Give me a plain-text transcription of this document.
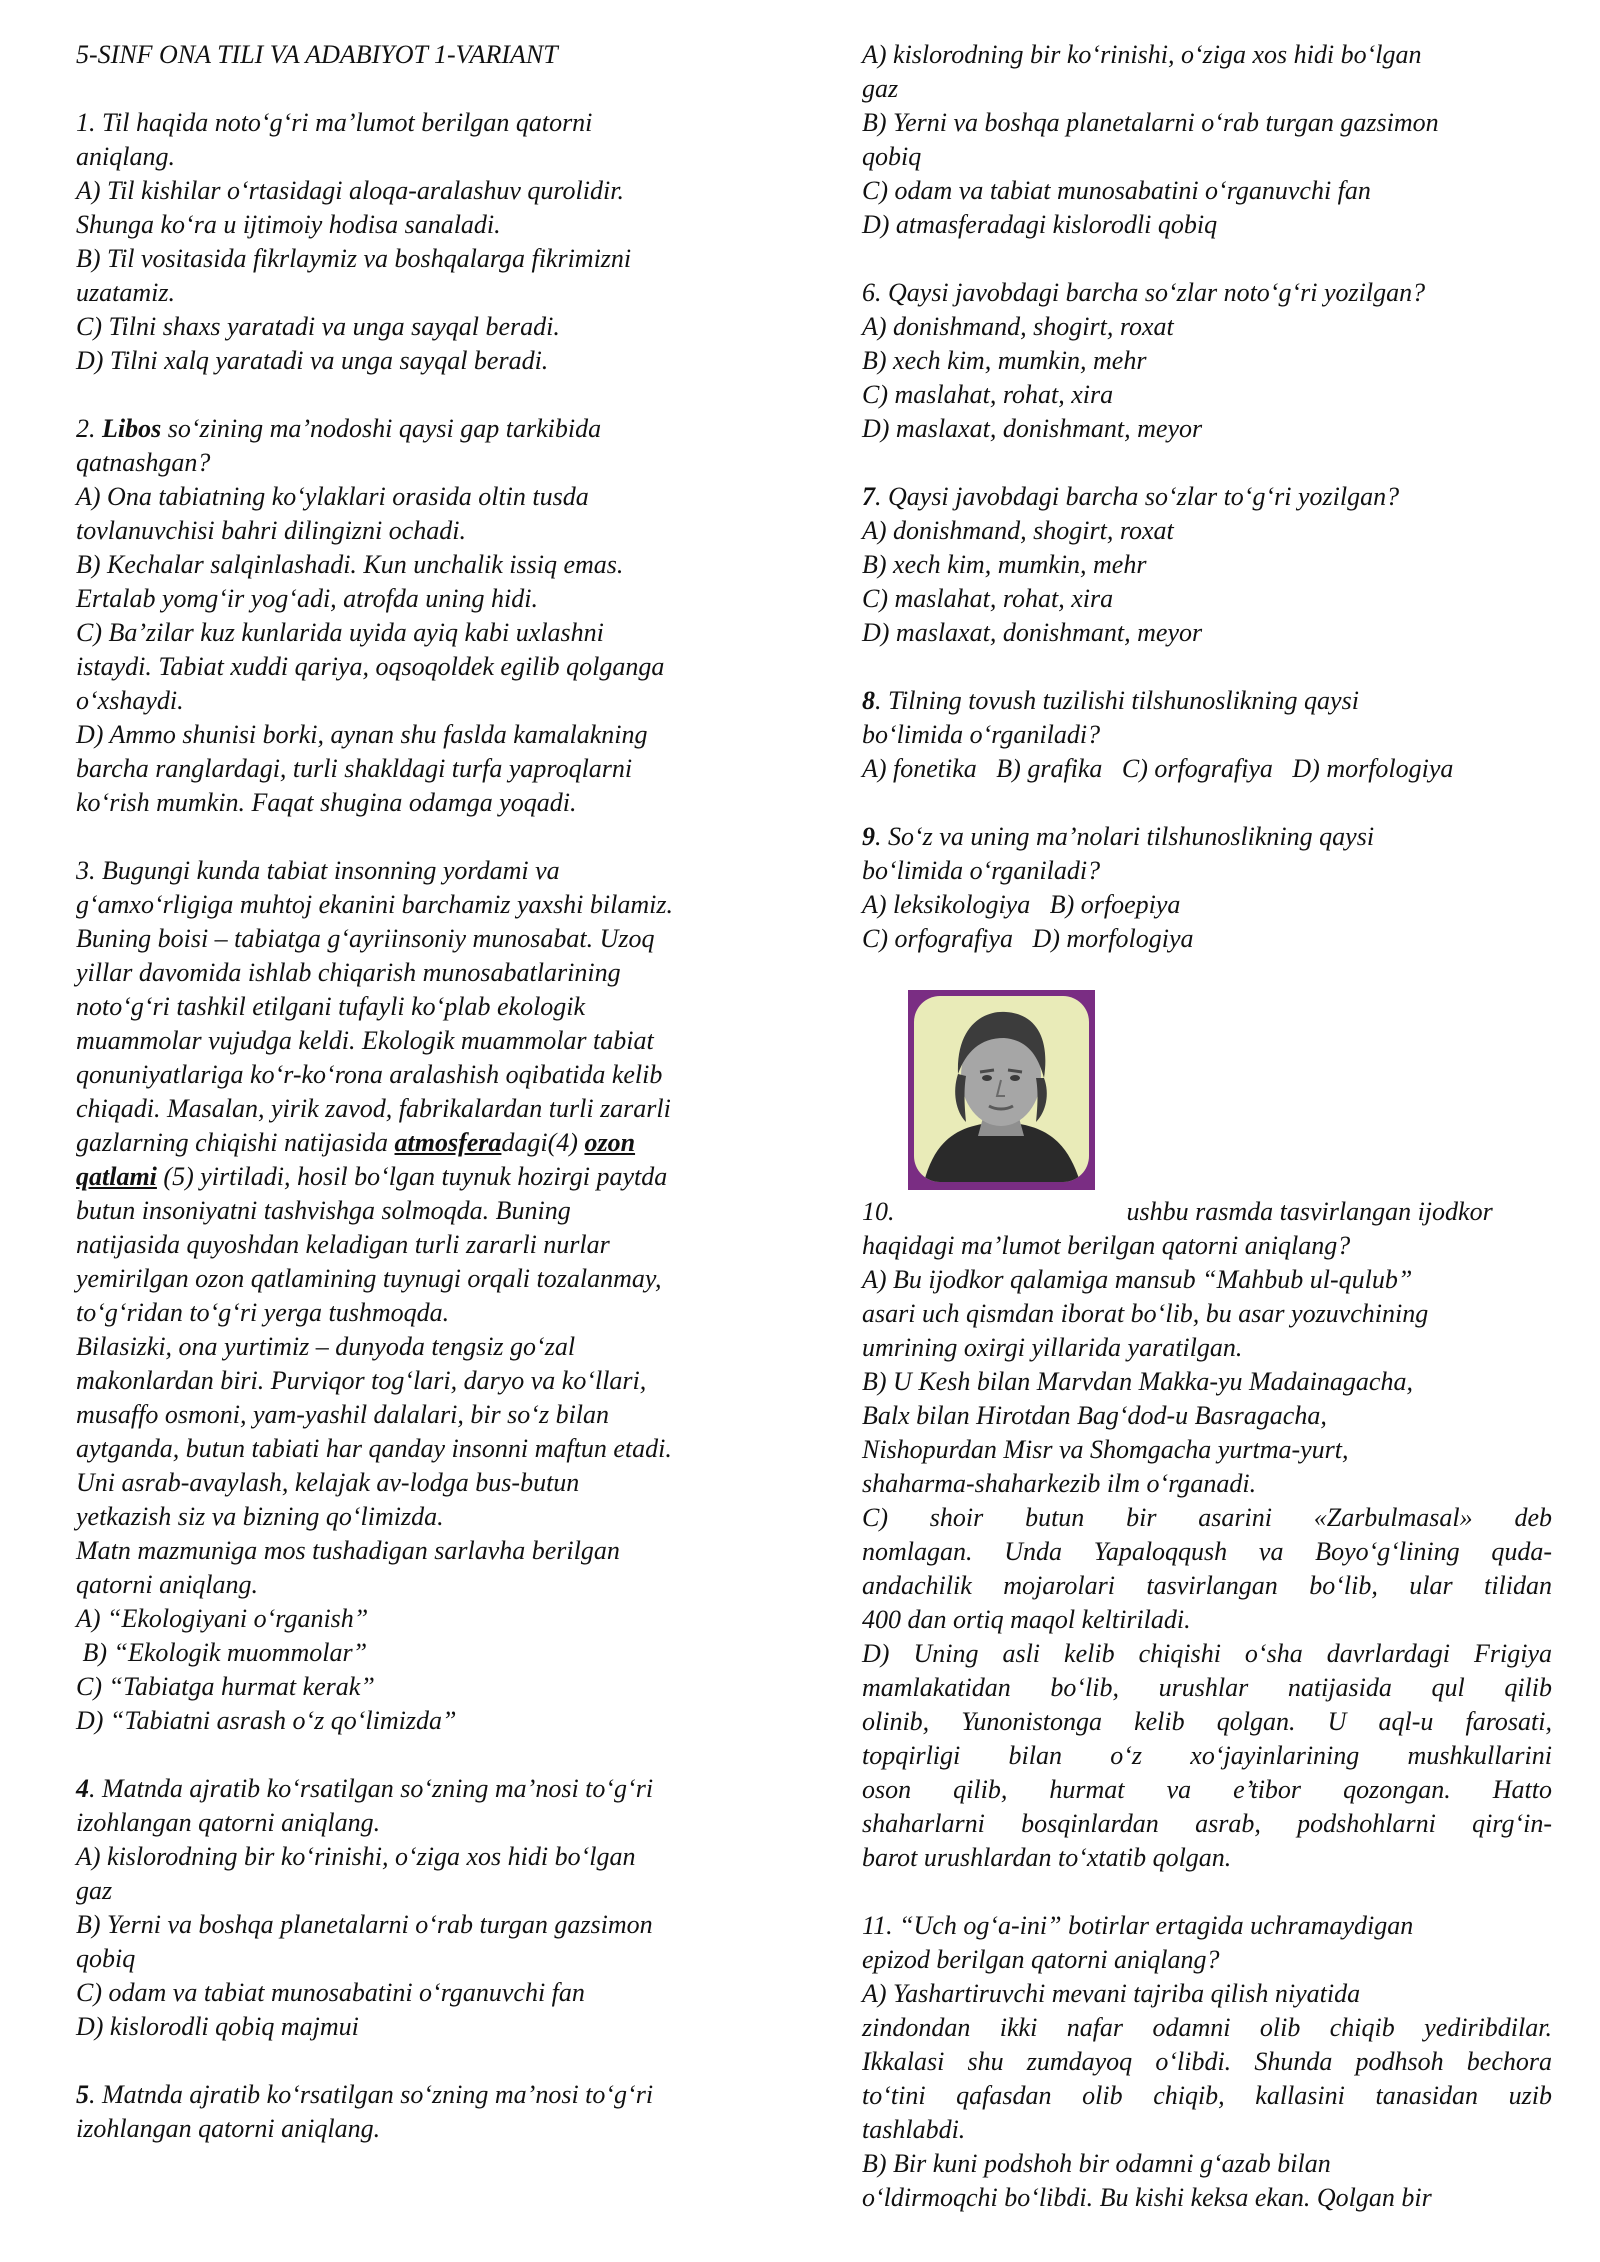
5-SINF ONA TILI VA ADABIYOT 1-VARIANT
1. Til haqida noto‘g‘ri ma’lumot berilgan qatorni
aniqlang.
A) Til kishilar o‘rtasidagi aloqa-aralashuv qurolidir.
Shunga ko‘ra u ijtimoiy hodisa sanaladi.
B) Til vositasida fikrlaymiz va boshqalarga fikrimizni
uzatamiz.
C) Tilni shaxs yaratadi va unga sayqal beradi.
D) Tilni xalq yaratadi va unga sayqal beradi.
2. Libos so‘zining ma’nodoshi qaysi gap tarkibida
qatnashgan?
A) Ona tabiatning ko‘ylaklari orasida oltin tusda
tovlanuvchisi bahri dilingizni ochadi.
B) Kechalar salqinlashadi. Kun unchalik issiq emas.
Ertalab yomg‘ir yog‘adi, atrofda uning hidi.
C) Ba’zilar kuz kunlarida uyida ayiq kabi uxlashni
istaydi. Tabiat xuddi qariya, oqsoqoldek egilib qolganga
o‘xshaydi.
D) Ammo shunisi borki, aynan shu faslda kamalakning
barcha ranglardagi, turli shakldagi turfa yaproqlarni
ko‘rish mumkin. Faqat shugina odamga yoqadi.
3. Bugungi kunda tabiat insonning yordami va
g‘amxo‘rligiga muhtoj ekanini barchamiz yaxshi bilamiz.
Buning boisi – tabiatga g‘ayriinsoniy munosabat. Uzoq
yillar davomida ishlab chiqarish munosabatlarining
noto‘g‘ri tashkil etilgani tufayli ko‘plab ekologik
muammolar vujudga keldi. Ekologik muammolar tabiat
qonuniyatlariga ko‘r-ko‘rona aralashish oqibatida kelib
chiqadi. Masalan, yirik zavod, fabrikalardan turli zararli
gazlarning chiqishi natijasida atmosferadagi(4) ozon
qatlami (5) yirtiladi, hosil bo‘lgan tuynuk hozirgi paytda
butun insoniyatni tashvishga solmoqda. Buning
natijasida quyoshdan keladigan turli zararli nurlar
yemirilgan ozon qatlamining tuynugi orqali tozalanmay,
to‘g‘ridan to‘g‘ri yerga tushmoqda.
Bilasizki, ona yurtimiz – dunyoda tengsiz go‘zal
makonlardan biri. Purviqor tog‘lari, daryo va ko‘llari,
musaffo osmoni, yam-yashil dalalari, bir so‘z bilan
aytganda, butun tabiati har qanday insonni maftun etadi.
Uni asrab-avaylash, kelajak av-lodga bus-butun
yetkazish siz va bizning qo‘limizda.
Matn mazmuniga mos tushadigan sarlavha berilgan
qatorni aniqlang.
A) “Ekologiyani o‘rganish”
B) “Ekologik muommolar”
C) “Tabiatga hurmat kerak”
D) “Tabiatni asrash o‘z qo‘limizda”
4. Matnda ajratib ko‘rsatilgan so‘zning ma’nosi to‘g‘ri
izohlangan qatorni aniqlang.
A) kislorodning bir ko‘rinishi, o‘ziga xos hidi bo‘lgan
gaz
B) Yerni va boshqa planetalarni o‘rab turgan gazsimon
qobiq
C) odam va tabiat munosabatini o‘rganuvchi fan
D) kislorodli qobiq majmui
5. Matnda ajratib ko‘rsatilgan so‘zning ma’nosi to‘g‘ri
izohlangan qatorni aniqlang.
A) kislorodning bir ko‘rinishi, o‘ziga xos hidi bo‘lgan
gaz
B) Yerni va boshqa planetalarni o‘rab turgan gazsimon
qobiq
C) odam va tabiat munosabatini o‘rganuvchi fan
D) atmasferadagi kislorodli qobiq
6. Qaysi javobdagi barcha so‘zlar noto‘g‘ri yozilgan?
A) donishmand, shogirt, roxat
B) xech kim, mumkin, mehr
C) maslahat, rohat, xira
D) maslaxat, donishmant, meyor
7. Qaysi javobdagi barcha so‘zlar to‘g‘ri yozilgan?
A) donishmand, shogirt, roxat
B) xech kim, mumkin, mehr
C) maslahat, rohat, xira
D) maslaxat, donishmant, meyor
8. Tilning tovush tuzilishi tilshunoslikning qaysi
bo‘limida o‘rganiladi?
A) fonetika   B) grafika   C) orfografiya   D) morfologiya
9. So‘z va uning ma’nolari tilshunoslikning qaysi
bo‘limida o‘rganiladi?
A) leksikologiya   B) orfoepiya
C) orfografiya   D) morfologiya
10.	ushbu rasmda tasvirlangan ijodkor
haqidagi ma’lumot berilgan qatorni aniqlang?
A) Bu ijodkor qalamiga mansub “Mahbub ul-qulub”
asari uch qismdan iborat bo‘lib, bu asar yozuvchining
umrining oxirgi yillarida yaratilgan.
B) U Kesh bilan Marvdan Makka-yu Madainagacha,
Balx bilan Hirotdan Bag‘dod-u Basragacha,
Nishopurdan Misr va Shomgacha yurtma-yurt,
shaharma-shaharkezib ilm o‘rganadi.
C) shoir butun bir asarini «Zarbulmasal» deb
nomlagan. Unda Yapaloqqush va Boyo‘g‘lining quda-
andachilik mojarolari tasvirlangan bo‘lib, ular tilidan
400 dan ortiq maqol keltiriladi.
D) Uning asli kelib chiqishi o‘sha davrlardagi Frigiya
mamlakatidan bo‘lib, urushlar natijasida qul qilib
olinib, Yunonistonga kelib qolgan. U aql-u farosati,
topqirligi bilan o‘z xo‘jayinlarining mushkullarini
oson qilib, hurmat va e’tibor qozongan. Hatto
shaharlarni bosqinlardan asrab, podshohlarni qirg‘in-
barot urushlardan to‘xtatib qolgan.
11. “Uch og‘a-ini” botirlar ertagida uchramaydigan
epizod berilgan qatorni aniqlang?
A) Yashartiruvchi mevani tajriba qilish niyatida
zindondan ikki nafar odamni olib chiqib yediribdilar.
Ikkalasi shu zumdayoq o‘libdi. Shunda podhsoh bechora
to‘tini qafasdan olib chiqib, kallasini tanasidan uzib
tashlabdi.
B) Bir kuni podshoh bir odamni g‘azab bilan
o‘ldirmoqchi bo‘libdi. Bu kishi keksa ekan. Qolgan bir
